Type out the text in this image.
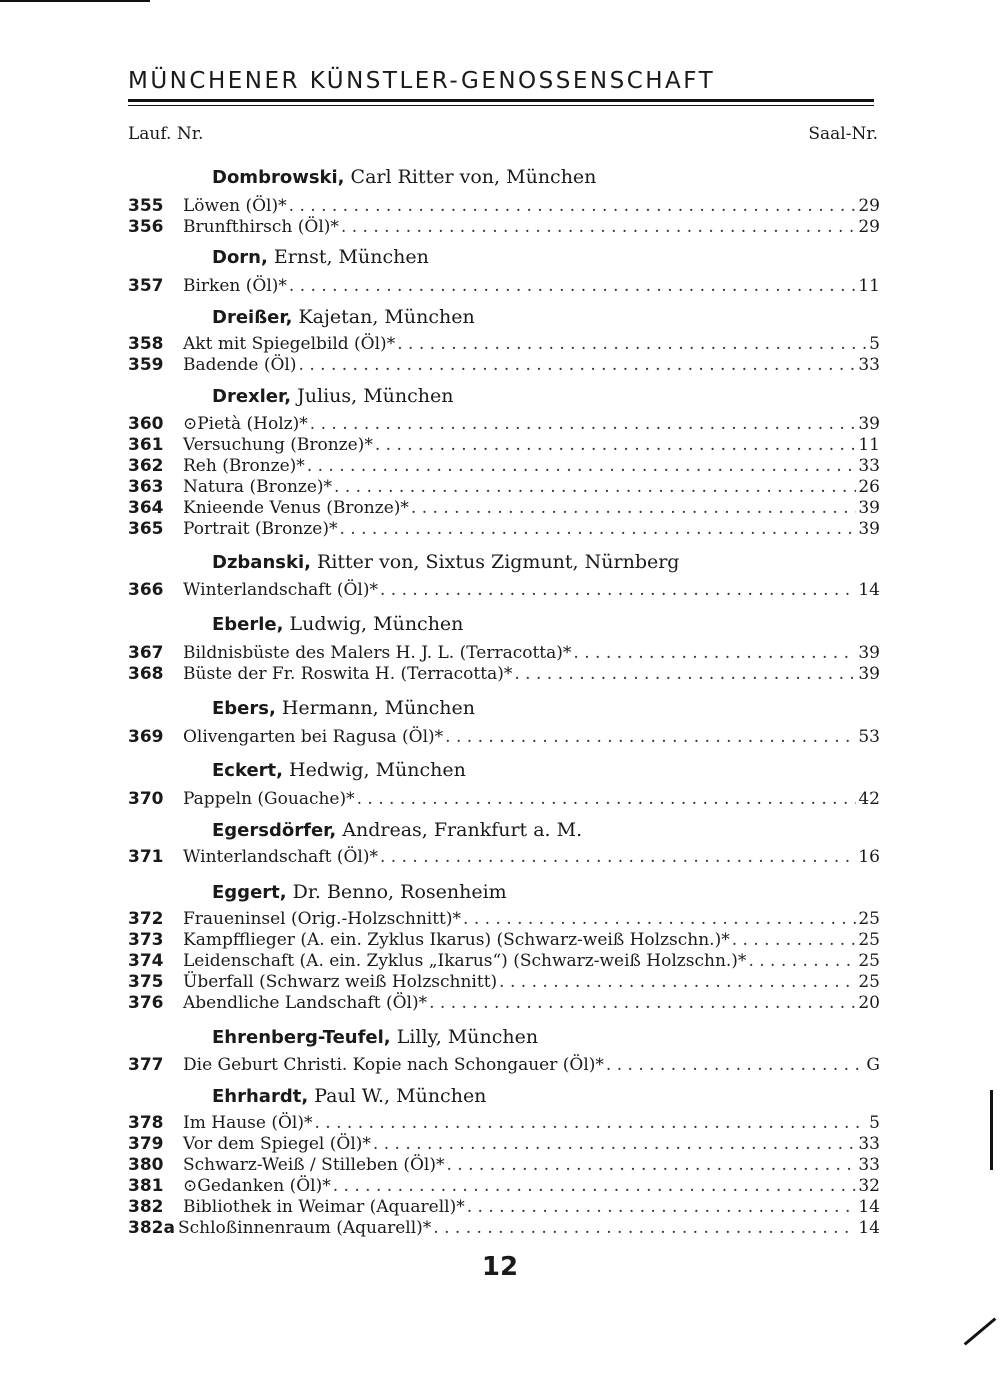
MÜNCHENER KÜNSTLER-GENOSSENSCHAFT
Lauf. Nr.	Saal-Nr.
Dombrowski, Carl Ritter von, München
355 Löwen (Öl)* . . .	29
356 Brunfthirsch (Öl)* . . .	29
Dorn, Ernst, München
357 Birken (Öl)* . . .	11
Dreißer, Kajetan, München
358 Akt mit Spiegelbild (Öl)* . . .	5
359 Badende (Öl) . . .	33
Drexler, Julius, München
360 ⊙Pietà (Holz)* . . .	39
361 Versuchung (Bronze)* . . .	11
362 Reh (Bronze)* . . .	33
363 Natura (Bronze)* . . .	26
364 Knieende Venus (Bronze)* . . .	39
365 Portrait (Bronze)* . . .	39
Dzbanski, Ritter von, Sixtus Zigmunt, Nürnberg
366 Winterlandschaft (Öl)* . . .	14
Eberle, Ludwig, München
367 Bildnisbüste des Malers H. J. L. (Terracotta)* . . .	39
368 Büste der Fr. Roswita H. (Terracotta)* . . .	39
Ebers, Hermann, München
369 Olivengarten bei Ragusa (Öl)* . . .	53
Eckert, Hedwig, München
370 Pappeln (Gouache)* . . .	42
Egersdörfer, Andreas, Frankfurt a. M.
371 Winterlandschaft (Öl)* . . .	16
Eggert, Dr. Benno, Rosenheim
372 Fraueninsel (Orig.-Holzschnitt)* . . .	25
373 Kampfflieger (A. ein. Zyklus Ikarus) (Schwarz-weiß Holzschn.)* . . .	25
374 Leidenschaft (A. ein. Zyklus „Ikarus“) (Schwarz-weiß Holzschn.)* . . .	25
375 Überfall (Schwarz weiß Holzschnitt) . . .	25
376 Abendliche Landschaft (Öl)* . . .	20
Ehrenberg-Teufel, Lilly, München
377 Die Geburt Christi. Kopie nach Schongauer (Öl)* . . .	G
Ehrhardt, Paul W., München
378 Im Hause (Öl)* . . .	5
379 Vor dem Spiegel (Öl)* . . .	33
380 Schwarz-Weiß / Stilleben (Öl)* . . .	33
381 ⊙Gedanken (Öl)* . . .	32
382 Bibliothek in Weimar (Aquarell)* . . .	14
382a Schloßinnenraum (Aquarell)* . . .	14
12
